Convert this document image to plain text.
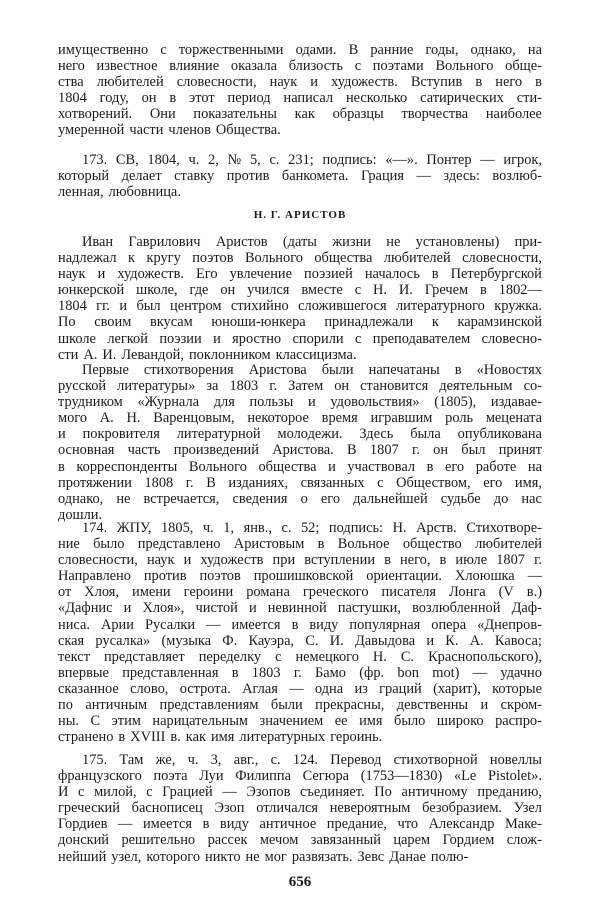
имущественно с торжественными одами. В ранние годы, однако, на
него известное влияние оказала близость с поэтами Вольного обще-
ства любителей словесности, наук и художеств. Вступив в него в
1804 году, он в этот период написал несколько сатирических сти-
хотворений. Они показательны как образцы творчества наиболее
умеренной части членов Общества.
173. СВ, 1804, ч. 2, № 5, с. 231; подпись: «—». Понтер — игрок,
который делает ставку против банкомета. Грация — здесь: возлюб-
ленная, любовница.
Н. Г. АРИСТОВ
Иван Гаврилович Аристов (даты жизни не установлены) при-
надлежал к кругу поэтов Вольного общества любителей словесности,
наук и художеств. Его увлечение поэзией началось в Петербургской
юнкерской школе, где он учился вместе с Н. И. Гречем в 1802—
1804 гг. и был центром стихийно сложившегося литературного кружка.
По своим вкусам юноши-юнкера принадлежали к карамзинской
школе легкой поэзии и яростно спорили с преподавателем словесно-
сти А. И. Левандой, поклонником классицизма.
Первые стихотворения Аристова были напечатаны в «Новостях
русской литературы» за 1803 г. Затем он становится деятельным со-
трудником «Журнала для пользы и удовольствия» (1805), издавае-
мого А. Н. Варенцовым, некоторое время игравшим роль мецената
и покровителя литературной молодежи. Здесь была опубликована
основная часть произведений Аристова. В 1807 г. он был принят
в корреспонденты Вольного общества и участвовал в его работе на
протяжении 1808 г. В изданиях, связанных с Обществом, его имя,
однако, не встречается, сведения о его дальнейшей судьбе до нас
дошли.
174. ЖПУ, 1805, ч. 1, янв., с. 52; подпись: Н. Арств. Стихотворе-
ние было представлено Аристовым в Вольное общество любителей
словесности, наук и художеств при вступлении в него, в июле 1807 г.
Направлено против поэтов прошишковской ориентации. Хлоюшка —
от Хлоя, имени героини романа греческого писателя Лонга (V в.)
«Дафнис и Хлоя», чистой и невинной пастушки, возлюбленной Даф-
ниса. Арии Русалки — имеется в виду популярная опера «Днепров-
ская русалка» (музыка Ф. Кауэра, С. И. Давыдова и К. А. Кавоса;
текст представляет переделку с немецкого Н. С. Краснопольского),
впервые представленная в 1803 г. Бамо (фр. bon mot) — удачно
сказанное слово, острота. Аглая — одна из граций (харит), которые
по античным представлениям были прекрасны, девственны и скром-
ны. С этим нарицательным значением ее имя было широко распро-
странено в XVIII в. как имя литературных героинь.
175. Там же, ч. 3, авг., с. 124. Перевод стихотворной новеллы
французского поэта Луи Филиппа Сегюра (1753—1830) «Le Pistolet».
И с милой, с Грацией — Эзопов съединяет. По античному преданию,
греческий баснописец Эзоп отличался невероятным безобразием. Узел
Гордиев — имеется в виду античное предание, что Александр Маке-
донский решительно рассек мечом завязанный царем Гордием слож-
нейший узел, которого никто не мог развязать. Зевс Данае полю-
656
